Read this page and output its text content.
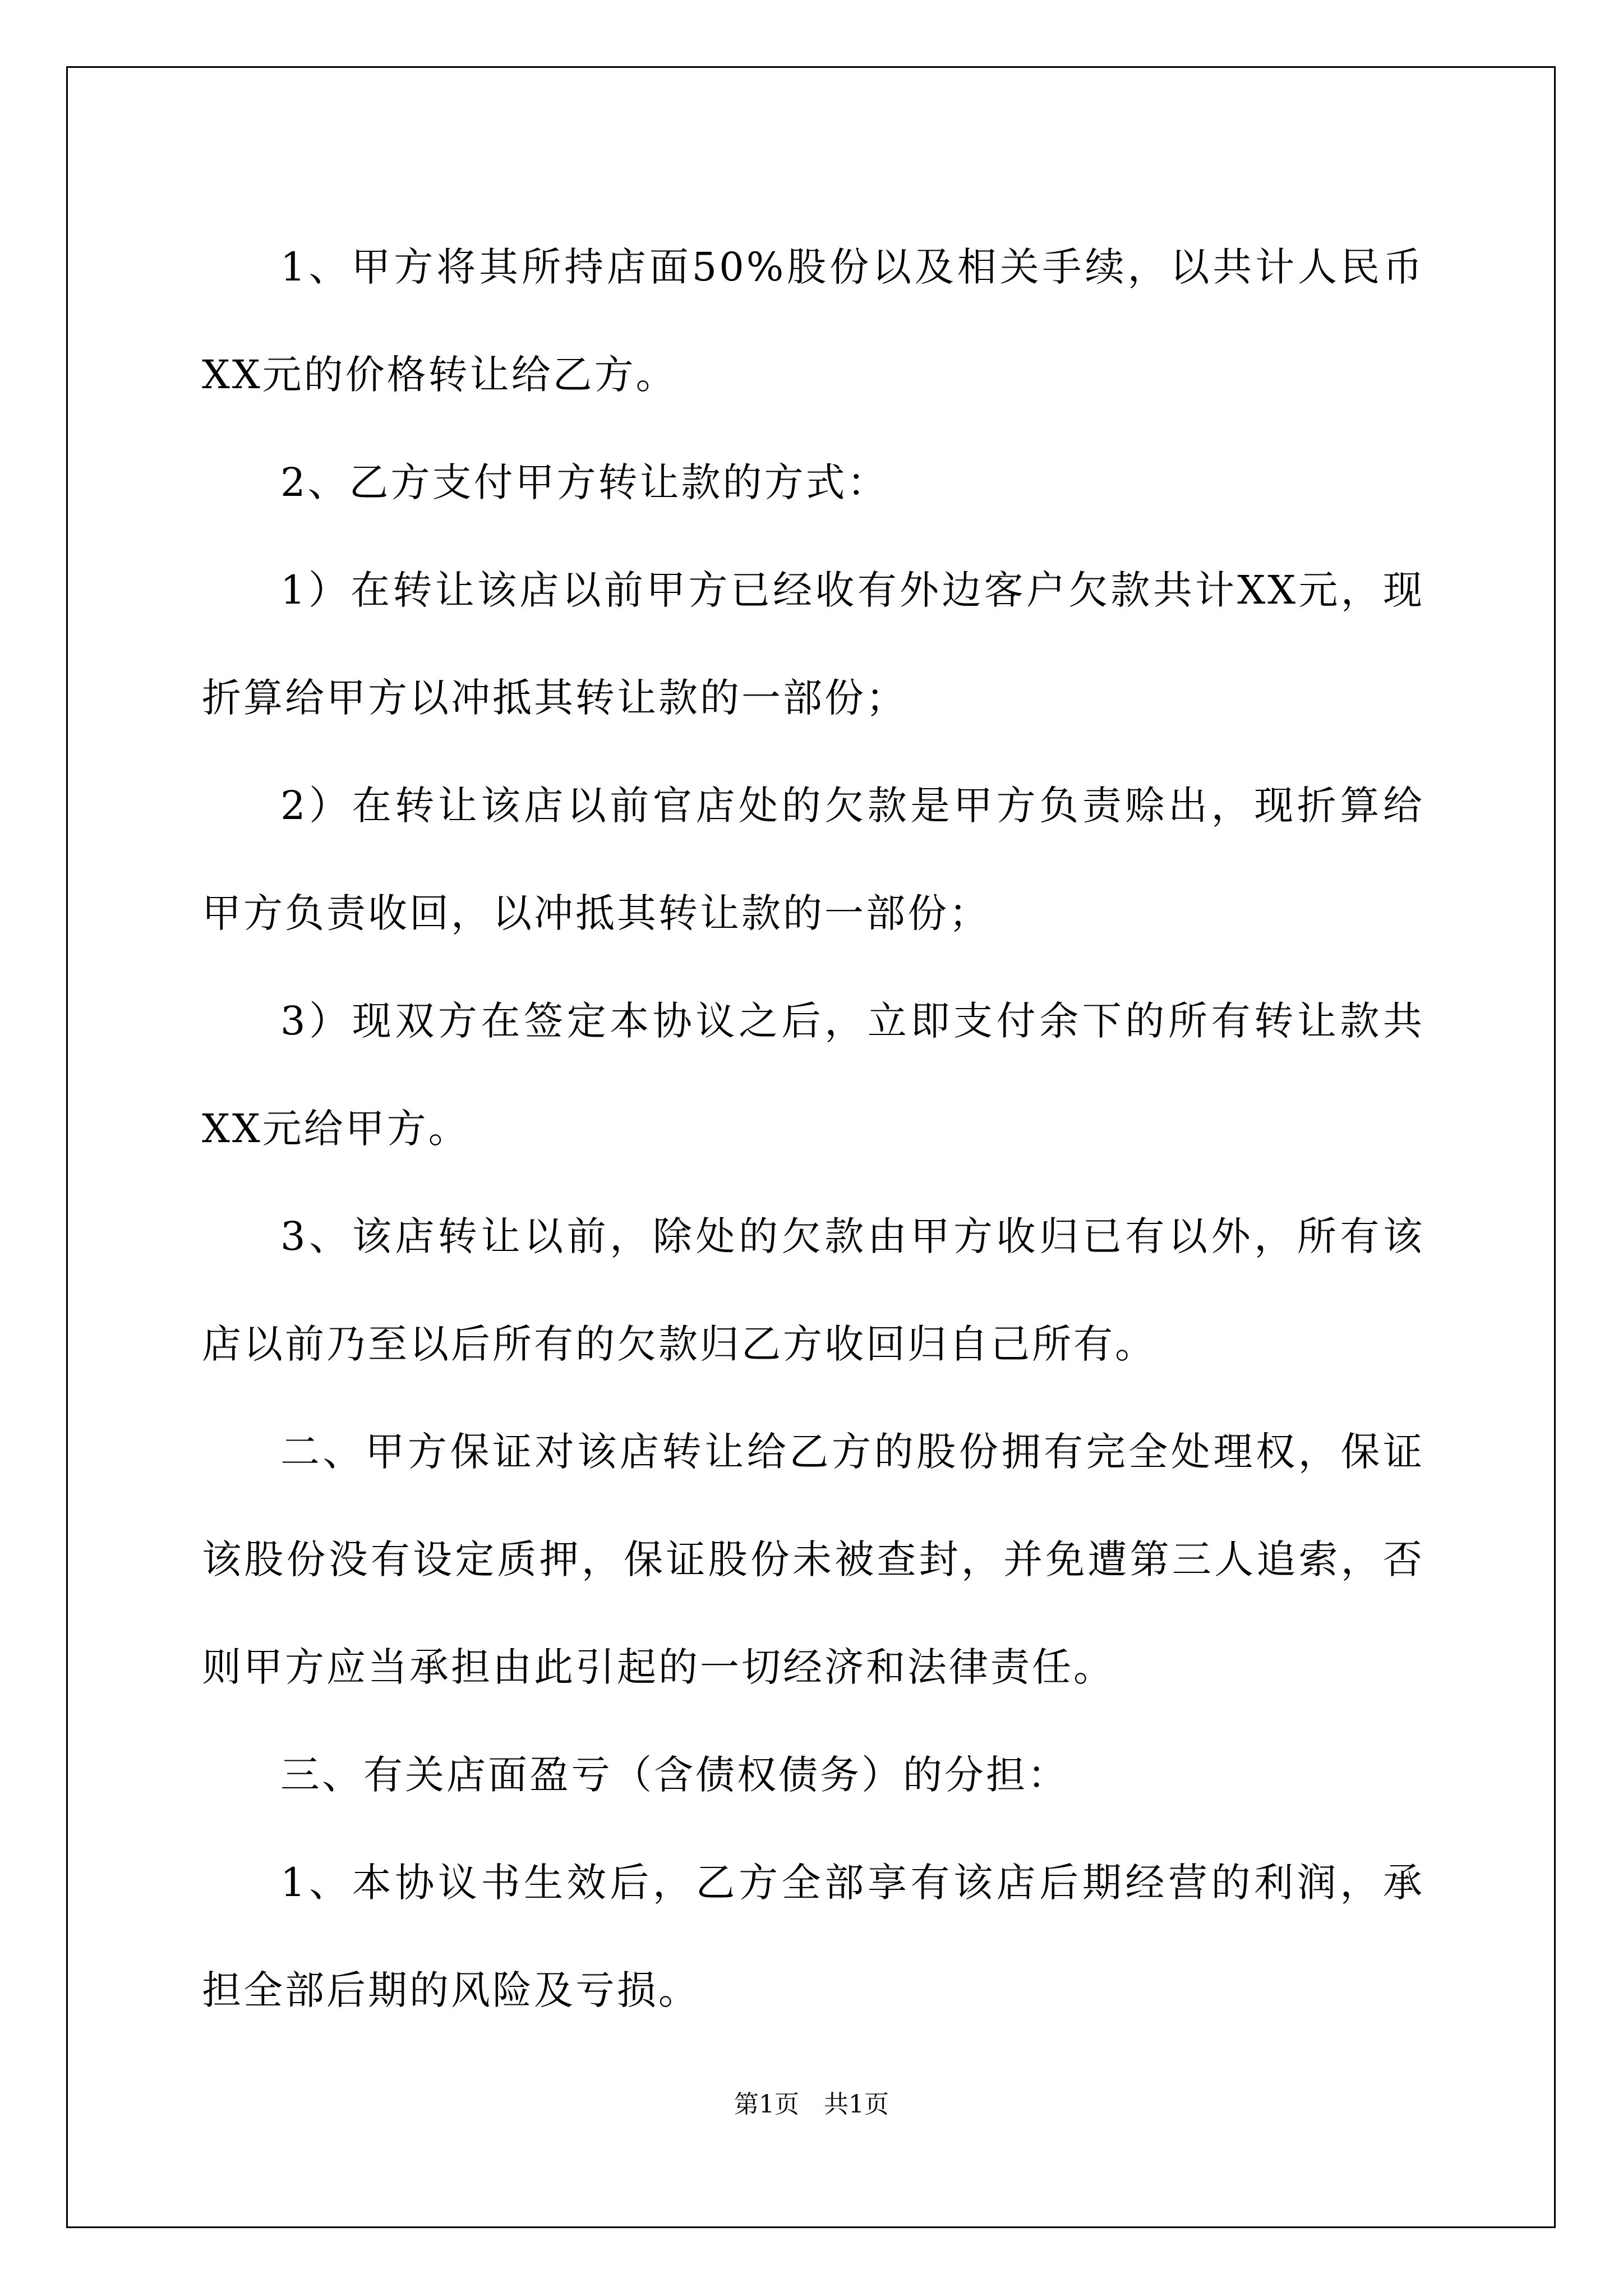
1、甲方将其所持店面50%股份以及相关手续，以共计人民币XX元的价格转让给乙方。

2、乙方支付甲方转让款的方式：

1）在转让该店以前甲方已经收有外边客户欠款共计XX元，现折算给甲方以冲抵其转让款的一部份；

2）在转让该店以前官店处的欠款是甲方负责赊出，现折算给甲方负责收回，以冲抵其转让款的一部份；

3）现双方在签定本协议之后，立即支付余下的所有转让款共XX元给甲方。

3、该店转让以前，除处的欠款由甲方收归已有以外，所有该店以前乃至以后所有的欠款归乙方收回归自己所有。

二、甲方保证对该店转让给乙方的股份拥有完全处理权，保证该股份没有设定质押，保证股份未被查封，并免遭第三人追索，否则甲方应当承担由此引起的一切经济和法律责任。

三、有关店面盈亏（含债权债务）的分担：

1、本协议书生效后，乙方全部享有该店后期经营的利润，承担全部后期的风险及亏损。

第1页　共1页
